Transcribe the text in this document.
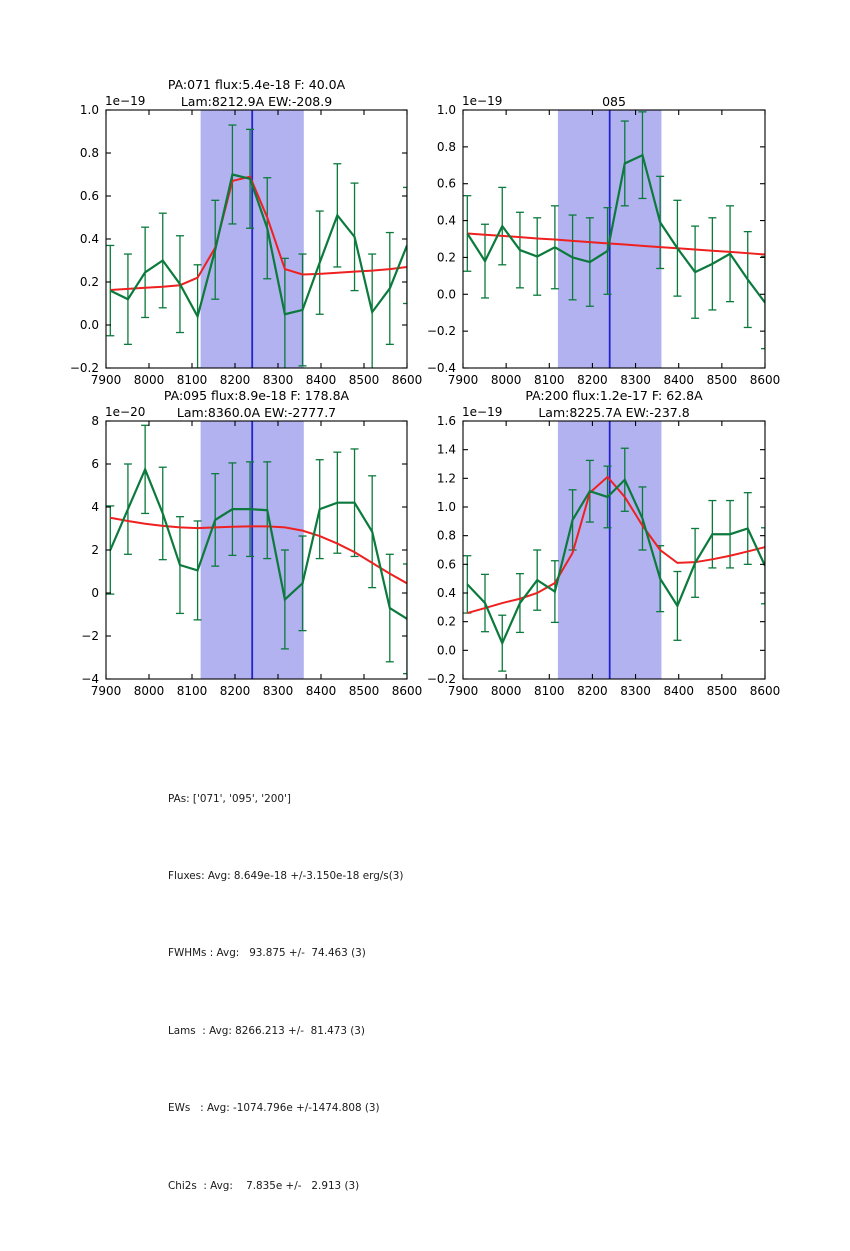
7900 8000 8100 8200 8300 8400 8500 8600
1.0
0.8
0.6
0.4
0.2
0.0
−0.2
1e−19
PA:071 flux:5.4e-18 F: 40.0A
Lam:8212.9A EW:-208.9
7900 8000 8100 8200 8300 8400 8500 8600
1.0
0.8
0.6
0.4
0.2
0.0
−0.2
−0.4
1e−19	085
7900 8000 8100 8200 8300 8400 8500 8600
8
6
4
2
0
−2
−4
1e−20
PA:095 flux:8.9e-18 F: 178.8A
Lam:8360.0A EW:-2777.7
7900 8000 8100 8200 8300 8400 8500 8600
1.6
1.4
1.2
1.0
0.8
0.6
0.4
0.2
0.0
−0.2
1e−19
PA:200 flux:1.2e-17 F: 62.8A
Lam:8225.7A EW:-237.8

PAs: ['071', '095', '200']

Fluxes: Avg: 8.649e-18 +/-3.150e-18 erg/s(3)

FWHMs : Avg:   93.875 +/-  74.463 (3)

Lams  : Avg: 8266.213 +/-  81.473 (3)

EWs   : Avg: -1074.796e +/-1474.808 (3)

Chi2s  : Avg:    7.835e +/-   2.913 (3)
